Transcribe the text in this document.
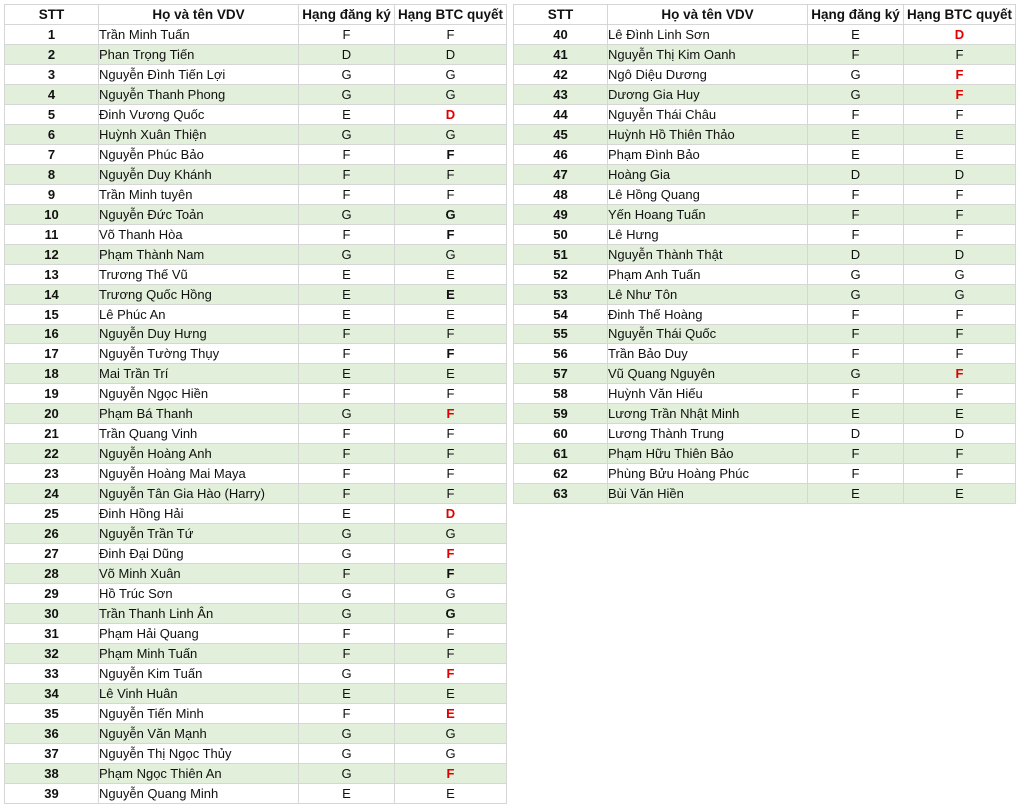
STT	Họ và tên VDV	Hạng đăng ký	Hạng BTC quyết
1	Trần Minh Tuấn	F	F
2	Phan Trọng Tiến	D	D
3	Nguyễn Đình Tiến Lợi	G	G
4	Nguyễn Thanh Phong	G	G
5	Đinh Vương Quốc	E	D
6	Huỳnh Xuân Thiện	G	G
7	Nguyễn Phúc Bảo	F	F
8	Nguyễn Duy Khánh	F	F
9	Trần Minh tuyên	F	F
10	Nguyễn Đức Toản	G	G
11	Võ Thanh Hòa	F	F
12	Phạm Thành Nam	G	G
13	Trương Thế Vũ	E	E
14	Trương Quốc Hồng	E	E
15	Lê Phúc An	E	E
16	Nguyễn Duy Hưng	F	F
17	Nguyễn Tường Thụy	F	F
18	Mai Trần Trí	E	E
19	Nguyễn Ngọc Hiền	F	F
20	Phạm Bá Thanh	G	F
21	Trần Quang Vinh	F	F
22	Nguyễn Hoàng Anh	F	F
23	Nguyễn Hoàng Mai Maya	F	F
24	Nguyễn Tân Gia Hào (Harry)	F	F
25	Đinh Hồng Hải	E	D
26	Nguyễn Trần Tứ	G	G
27	Đinh Đại Dũng	G	F
28	Võ Minh Xuân	F	F
29	Hồ Trúc Sơn	G	G
30	Trần Thanh Linh Ân	G	G
31	Phạm Hải Quang	F	F
32	Phạm Minh Tuấn	F	F
33	Nguyễn Kim Tuấn	G	F
34	Lê Vinh Huân	E	E
35	Nguyễn Tiến Minh	F	E
36	Nguyễn Văn Mạnh	G	G
37	Nguyễn Thị Ngọc Thủy	G	G
38	Phạm Ngọc Thiên An	G	F
39	Nguyễn Quang Minh	E	E
STT	Họ và tên VDV	Hạng đăng ký	Hạng BTC quyết
40	Lê Đình Linh Sơn	E	D
41	Nguyễn Thị Kim Oanh	F	F
42	Ngô Diệu Dương	G	F
43	Dương Gia Huy	G	F
44	Nguyễn Thái Châu	F	F
45	Huỳnh Hồ Thiên Thảo	E	E
46	Phạm Đình Bảo	E	E
47	Hoàng Gia	D	D
48	Lê Hồng Quang	F	F
49	Yến Hoang Tuấn	F	F
50	Lê Hưng	F	F
51	Nguyễn Thành Thật	D	D
52	Phạm Anh Tuấn	G	G
53	Lê Như Tôn	G	G
54	Đinh Thế Hoàng	F	F
55	Nguyễn Thái Quốc	F	F
56	Trần Bảo Duy	F	F
57	Vũ Quang Nguyên	G	F
58	Huỳnh Văn Hiếu	F	F
59	Lương Trần Nhật Minh	E	E
60	Lương Thành Trung	D	D
61	Phạm Hữu Thiên Bảo	F	F
62	Phùng Bửu Hoàng Phúc	F	F
63	Bùi Văn Hiền	E	E
